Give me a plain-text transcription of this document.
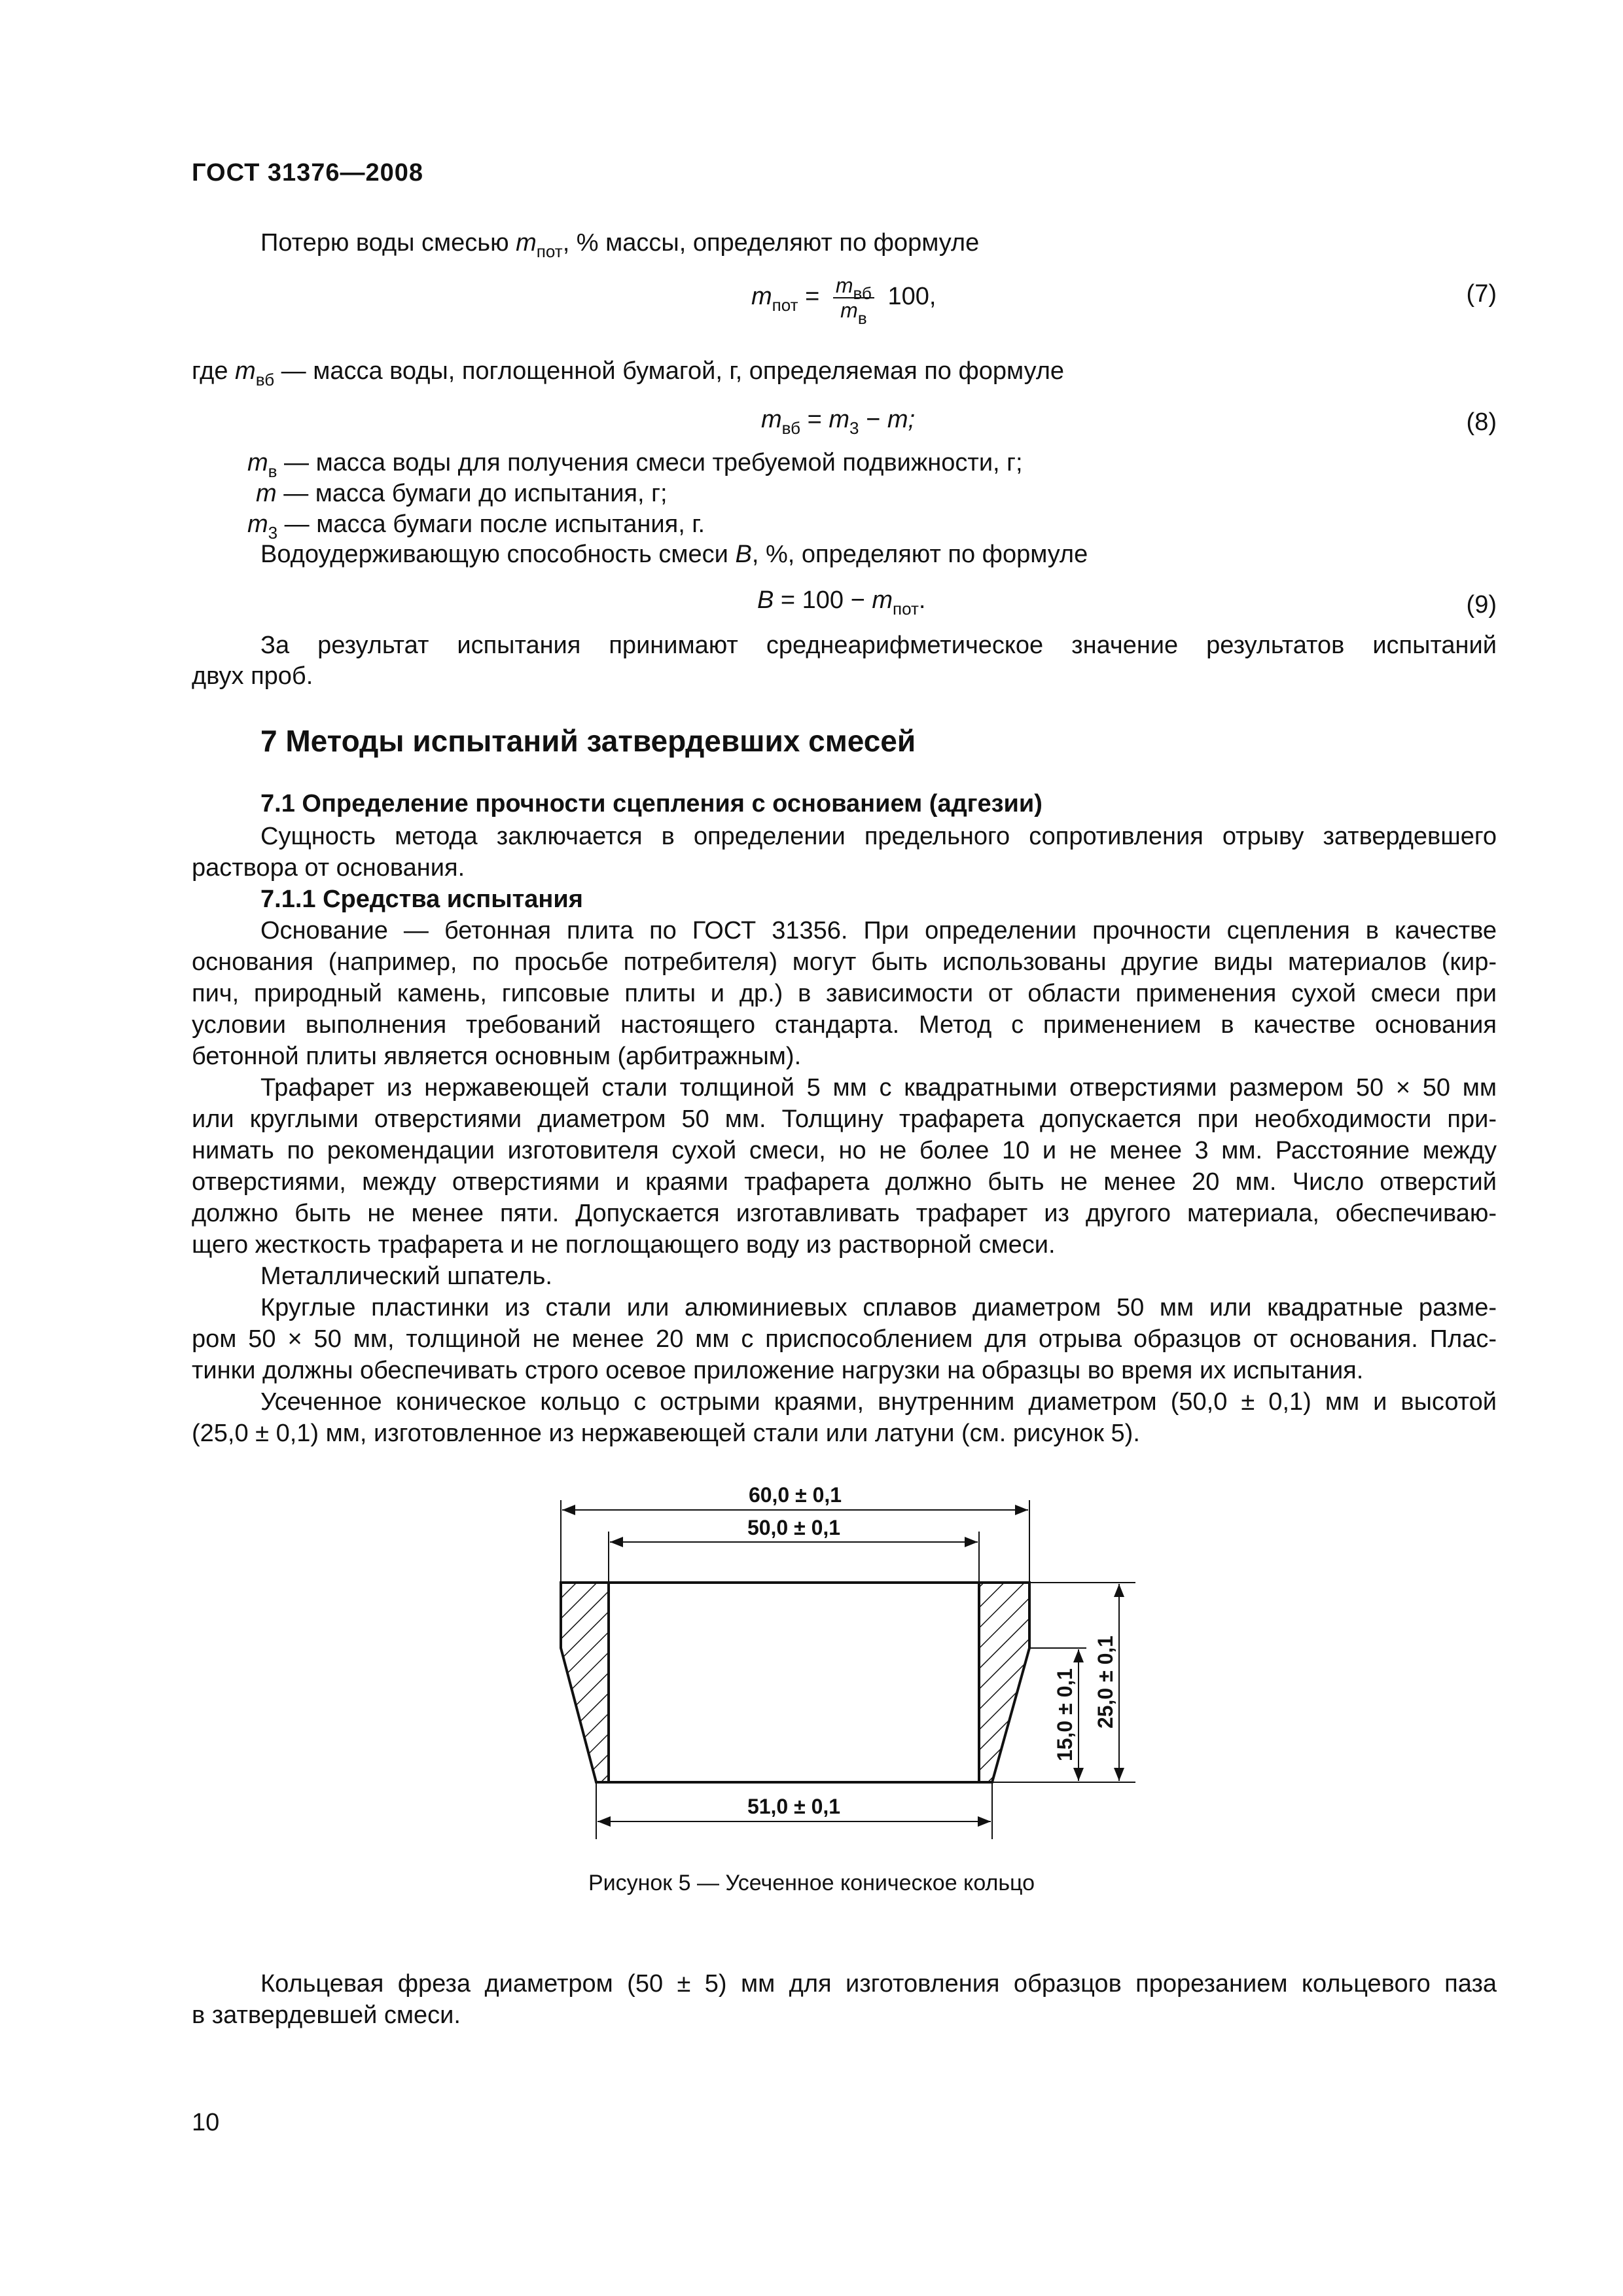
ГОСТ 31376—2008
Потерю воды смесью $m_{пот}$, % массы, определяют по формуле
$m_{пот} = \frac{m_{вб}}{m_в} 100$,	(7)
где $m_{вб}$ — масса воды, поглощенной бумагой, г, определяемая по формуле
$m_{вб} = m_3 - m$;	(8)
$m_в$ — масса воды для получения смеси требуемой подвижности, г;
m — масса бумаги до испытания, г;
$m_3$ — масса бумаги после испытания, г.
Водоудерживающую способность смеси B, %, определяют по формуле
$B = 100 - m_{пот}$.	(9)
За результат испытания принимают среднеарифметическое значение результатов испытаний
двух проб.
7 Методы испытаний затвердевших смесей
7.1 Определение прочности сцепления с основанием (адгезии)
Сущность метода заключается в определении предельного сопротивления отрыву затвердевшего
раствора от основания.
7.1.1 Средства испытания
Основание — бетонная плита по ГОСТ 31356. При определении прочности сцепления в качестве
основания (например, по просьбе потребителя) могут быть использованы другие виды материалов (кир-
пич, природный камень, гипсовые плиты и др.) в зависимости от области применения сухой смеси при
условии выполнения требований настоящего стандарта. Метод с применением в качестве основания
бетонной плиты является основным (арбитражным).
Трафарет из нержавеющей стали толщиной 5 мм с квадратными отверстиями размером 50 × 50 мм
или круглыми отверстиями диаметром 50 мм. Толщину трафарета допускается при необходимости при-
нимать по рекомендации изготовителя сухой смеси, но не более 10 и не менее 3 мм. Расстояние между
отверстиями, между отверстиями и краями трафарета должно быть не менее 20 мм. Число отверстий
должно быть не менее пяти. Допускается изготавливать трафарет из другого материала, обеспечиваю-
щего жесткость трафарета и не поглощающего воду из растворной смеси.
Металлический шпатель.
Круглые пластинки из стали или алюминиевых сплавов диаметром 50 мм или квадратные разме-
ром 50 × 50 мм, толщиной не менее 20 мм с приспособлением для отрыва образцов от основания. Плас-
тинки должны обеспечивать строго осевое приложение нагрузки на образцы во время их испытания.
Усеченное коническое кольцо с острыми краями, внутренним диаметром (50,0 ± 0,1) мм и высотой
(25,0 ± 0,1) мм, изготовленное из нержавеющей стали или латуни (см. рисунок 5).
60,0 ± 0,1
50,0 ± 0,1
51,0 ± 0,1
15,0 ± 0,1 25,0 ± 0,1
Рисунок 5 — Усеченное коническое кольцо
Кольцевая фреза диаметром (50 ± 5) мм для изготовления образцов прорезанием кольцевого паза
в затвердевшей смеси.
10
